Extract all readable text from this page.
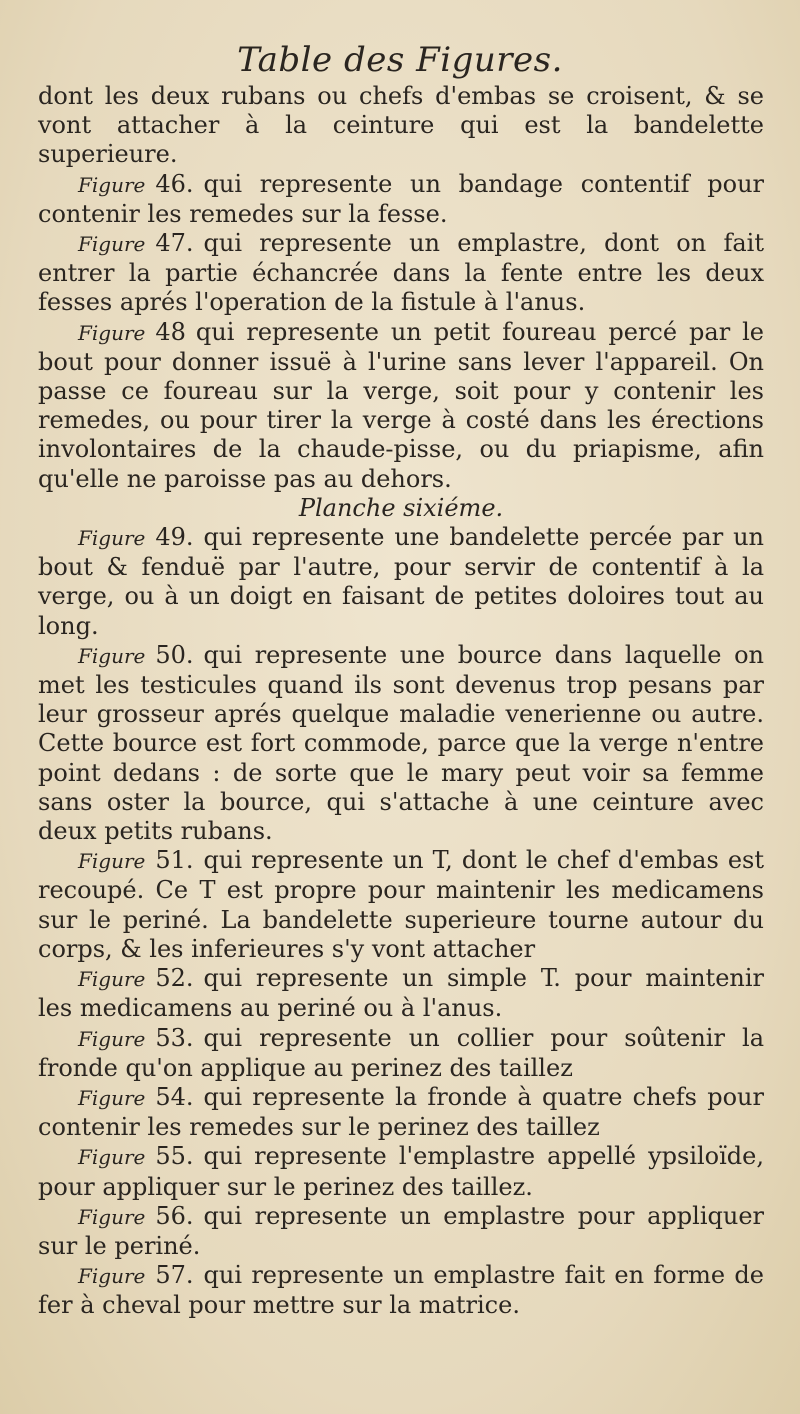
Table des Figures.

dont les deux rubans ou chefs d'embas se croisent, & se vont attacher à la ceinture qui est la bandelette superieure.

Figure 46. qui represente un bandage contentif pour contenir les remedes sur la fesse.

Figure 47. qui represente un emplastre, dont on fait entrer la partie échancrée dans la fente entre les deux fesses aprés l'operation de la fistule à l'anus.

Figure 48 qui represente un petit foureau percé par le bout pour donner issuë à l'urine sans lever l'appareil. On passe ce foureau sur la verge, soit pour y contenir les remedes, ou pour tirer la verge à costé dans les érections involontaires de la chaude-pisse, ou du priapisme, afin qu'elle ne paroisse pas au dehors.

Planche sixiéme.

Figure 49. qui represente une bandelette percée par un bout & fenduë par l'autre, pour servir de contentif à la verge, ou à un doigt en faisant de petites doloires tout au long.

Figure 50. qui represente une bource dans laquelle on met les testicules quand ils sont devenus trop pesans par leur grosseur aprés quelque maladie venerienne ou autre. Cette bource est fort commode, parce que la verge n'entre point dedans : de sorte que le mary peut voir sa femme sans oster la bource, qui s'attache à une ceinture avec deux petits rubans.

Figure 51. qui represente un T, dont le chef d'embas est recoupé. Ce T est propre pour maintenir les medicamens sur le periné. La bandelette superieure tourne autour du corps, & les inferieures s'y vont attacher

Figure 52. qui represente un simple T. pour maintenir les medicamens au periné ou à l'anus.

Figure 53. qui represente un collier pour soûtenir la fronde qu'on applique au perinez des taillez

Figure 54. qui represente la fronde à quatre chefs pour contenir les remedes sur le perinez des taillez

Figure 55. qui represente l'emplastre appellé ypsiloïde, pour appliquer sur le perinez des taillez.

Figure 56. qui represente un emplastre pour appliquer sur le periné.

Figure 57. qui represente un emplastre fait en forme de fer à cheval pour mettre sur la matrice.
